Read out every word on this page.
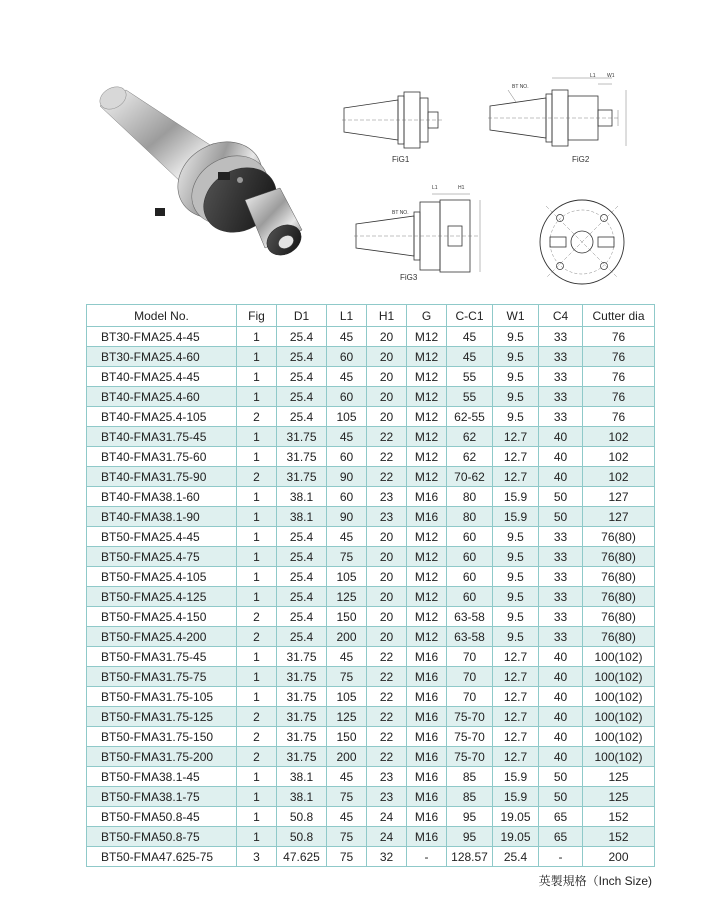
FiG1
BT NO.
L1 W1
FiG2
BT NO.
L1	H1
FiG3
Model No.	Fig	D1	L1	H1	G	C-C1	W1	C4	Cutter dia
BT30-FMA25.4-45	1	25.4	45	20	M12	45	9.5	33	76
BT30-FMA25.4-60	1	25.4	60	20	M12	45	9.5	33	76
BT40-FMA25.4-45	1	25.4	45	20	M12	55	9.5	33	76
BT40-FMA25.4-60	1	25.4	60	20	M12	55	9.5	33	76
BT40-FMA25.4-105	2	25.4	105	20	M12	62-55	9.5	33	76
BT40-FMA31.75-45	1	31.75	45	22	M12	62	12.7	40	102
BT40-FMA31.75-60	1	31.75	60	22	M12	62	12.7	40	102
BT40-FMA31.75-90	2	31.75	90	22	M12	70-62	12.7	40	102
BT40-FMA38.1-60	1	38.1	60	23	M16	80	15.9	50	127
BT40-FMA38.1-90	1	38.1	90	23	M16	80	15.9	50	127
BT50-FMA25.4-45	1	25.4	45	20	M12	60	9.5	33	76(80)
BT50-FMA25.4-75	1	25.4	75	20	M12	60	9.5	33	76(80)
BT50-FMA25.4-105	1	25.4	105	20	M12	60	9.5	33	76(80)
BT50-FMA25.4-125	1	25.4	125	20	M12	60	9.5	33	76(80)
BT50-FMA25.4-150	2	25.4	150	20	M12	63-58	9.5	33	76(80)
BT50-FMA25.4-200	2	25.4	200	20	M12	63-58	9.5	33	76(80)
BT50-FMA31.75-45	1	31.75	45	22	M16	70	12.7	40	100(102)
BT50-FMA31.75-75	1	31.75	75	22	M16	70	12.7	40	100(102)
BT50-FMA31.75-105	1	31.75	105	22	M16	70	12.7	40	100(102)
BT50-FMA31.75-125	2	31.75	125	22	M16	75-70	12.7	40	100(102)
BT50-FMA31.75-150	2	31.75	150	22	M16	75-70	12.7	40	100(102)
BT50-FMA31.75-200	2	31.75	200	22	M16	75-70	12.7	40	100(102)
BT50-FMA38.1-45	1	38.1	45	23	M16	85	15.9	50	125
BT50-FMA38.1-75	1	38.1	75	23	M16	85	15.9	50	125
BT50-FMA50.8-45	1	50.8	45	24	M16	95	19.05	65	152
BT50-FMA50.8-75	1	50.8	75	24	M16	95	19.05	65	152
BT50-FMA47.625-75	3	47.625	75	32	-	128.57	25.4	-	200
英製規格（Inch Size)
